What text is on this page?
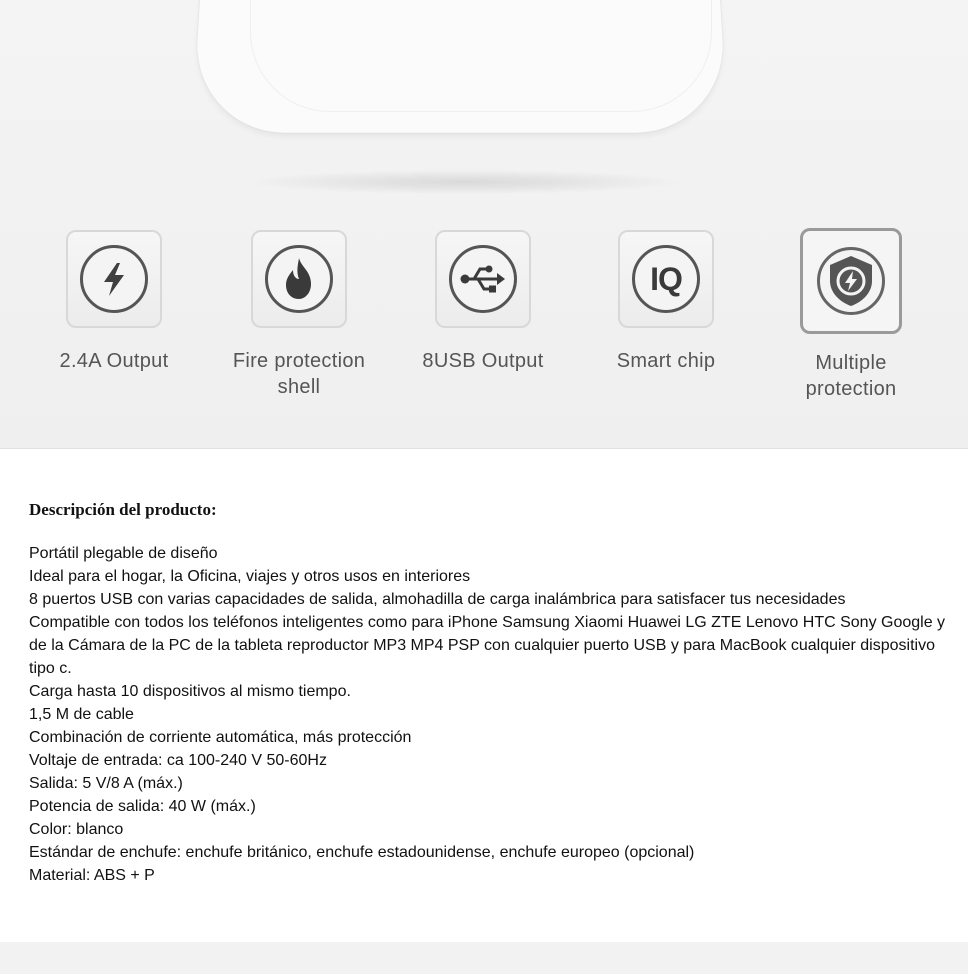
2.4A Output	Fire protection shell
8USB Output
IQ
Smart chip	Multiple protection
Descripción del producto:
Portátil plegable de diseño
Ideal para el hogar, la Oficina, viajes y otros usos en interiores
8 puertos USB con varias capacidades de salida, almohadilla de carga inalámbrica para satisfacer tus necesidades
Compatible con todos los teléfonos inteligentes como para iPhone Samsung Xiaomi Huawei LG ZTE Lenovo HTC Sony Google y de la Cámara de la PC de la tableta reproductor MP3 MP4 PSP con cualquier puerto USB y para MacBook cualquier dispositivo tipo c.
Carga hasta 10 dispositivos al mismo tiempo.
1,5 M de cable
Combinación de corriente automática, más protección
Voltaje de entrada: ca 100-240 V 50-60Hz
Salida: 5 V/8 A (máx.)
Potencia de salida: 40 W (máx.)
Color: blanco
Estándar de enchufe: enchufe británico, enchufe estadounidense, enchufe europeo (opcional)
Material: ABS + P
